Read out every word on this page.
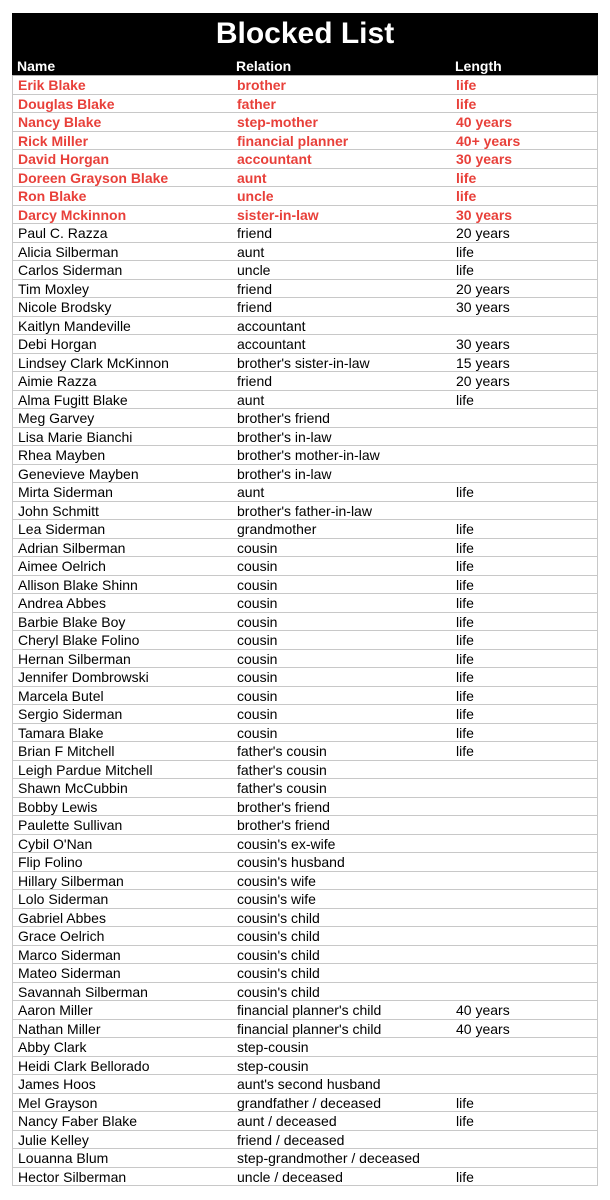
Blocked List
Name	Relation	Length
Erik Blake	brother	life
Douglas Blake	father	life
Nancy Blake	step-mother	40 years
Rick Miller	financial planner	40+ years
David Horgan	accountant	30 years
Doreen Grayson Blake	aunt	life
Ron Blake	uncle	life
Darcy Mckinnon	sister-in-law	30 years
Paul C. Razza	friend	20 years
Alicia Silberman	aunt	life
Carlos Siderman	uncle	life
Tim Moxley	friend	20 years
Nicole Brodsky	friend	30 years
Kaitlyn Mandeville	accountant
Debi Horgan	accountant	30 years
Lindsey Clark McKinnon	brother's sister-in-law	15 years
Aimie Razza	friend	20 years
Alma Fugitt Blake	aunt	life
Meg Garvey	brother's friend
Lisa Marie Bianchi	brother's in-law
Rhea Mayben	brother's mother-in-law
Genevieve Mayben	brother's in-law
Mirta Siderman	aunt	life
John Schmitt	brother's father-in-law
Lea Siderman	grandmother	life
Adrian Silberman	cousin	life
Aimee Oelrich	cousin	life
Allison Blake Shinn	cousin	life
Andrea Abbes	cousin	life
Barbie Blake Boy	cousin	life
Cheryl Blake Folino	cousin	life
Hernan Silberman	cousin	life
Jennifer Dombrowski	cousin	life
Marcela Butel	cousin	life
Sergio Siderman	cousin	life
Tamara Blake	cousin	life
Brian F Mitchell	father's cousin	life
Leigh Pardue Mitchell	father's cousin
Shawn McCubbin	father's cousin
Bobby Lewis	brother's friend
Paulette Sullivan	brother's friend
Cybil O'Nan	cousin's ex-wife
Flip Folino	cousin's husband
Hillary Silberman	cousin's wife
Lolo Siderman	cousin's wife
Gabriel Abbes	cousin's child
Grace Oelrich	cousin's child
Marco Siderman	cousin's child
Mateo Siderman	cousin's child
Savannah Silberman	cousin's child
Aaron Miller	financial planner's child	40 years
Nathan Miller	financial planner's child	40 years
Abby Clark	step-cousin
Heidi Clark Bellorado	step-cousin
James Hoos	aunt's second husband
Mel Grayson	grandfather / deceased	life
Nancy Faber Blake	aunt / deceased	life
Julie Kelley	friend / deceased
Louanna Blum	step-grandmother / deceased
Hector Silberman	uncle / deceased	life
